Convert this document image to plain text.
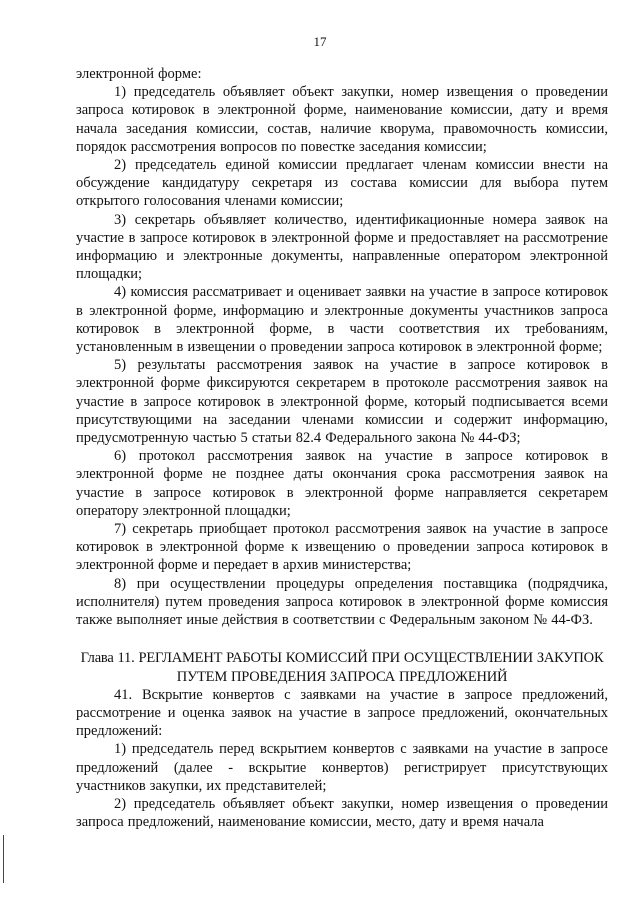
17

электронной форме:

1) председатель объявляет объект закупки, номер извещения о проведении запроса котировок в электронной форме, наименование комиссии, дату и время начала заседания комиссии, состав, наличие кворума, правомочность комиссии, порядок рассмотрения вопросов по повестке заседания комиссии;

2) председатель единой комиссии предлагает членам комиссии внести на обсуждение кандидатуру секретаря из состава комиссии для выбора путем открытого голосования членами комиссии;

3) секретарь объявляет количество, идентификационные номера заявок на участие в запросе котировок в электронной форме и предоставляет на рассмотрение информацию и электронные документы, направленные оператором электронной площадки;

4) комиссия рассматривает и оценивает заявки на участие в запросе котировок в электронной форме, информацию и электронные документы участников запроса котировок в электронной форме, в части соответствия их требованиям, установленным в извещении о проведении запроса котировок в электронной форме;

5) результаты рассмотрения заявок на участие в запросе котировок в электронной форме фиксируются секретарем в протоколе рассмотрения заявок на участие в запросе котировок в электронной форме, который подписывается всеми присутствующими на заседании членами комиссии и содержит информацию, предусмотренную частью 5 статьи 82.4 Федерального закона № 44-ФЗ;

6) протокол рассмотрения заявок на участие в запросе котировок в электронной форме не позднее даты окончания срока рассмотрения заявок на участие в запросе котировок в электронной форме направляется секретарем оператору электронной площадки;

7) секретарь приобщает протокол рассмотрения заявок на участие в запросе котировок в электронной форме к извещению о проведении запроса котировок в электронной форме и передает в архив министерства;

8) при осуществлении процедуры определения поставщика (подрядчика, исполнителя) путем проведения запроса котировок в электронной форме комиссия также выполняет иные действия в соответствии с Федеральным законом № 44-ФЗ.

Глава 11. РЕГЛАМЕНТ РАБОТЫ КОМИССИЙ ПРИ ОСУЩЕСТВЛЕНИИ ЗАКУПОК ПУТЕМ ПРОВЕДЕНИЯ ЗАПРОСА ПРЕДЛОЖЕНИЙ

41. Вскрытие конвертов с заявками на участие в запросе предложений, рассмотрение и оценка заявок на участие в запросе предложений, окончательных предложений:

1) председатель перед вскрытием конвертов с заявками на участие в запросе предложений (далее - вскрытие конвертов) регистрирует присутствующих участников закупки, их представителей;

2) председатель объявляет объект закупки, номер извещения о проведении запроса предложений, наименование комиссии, место, дату и время начала
